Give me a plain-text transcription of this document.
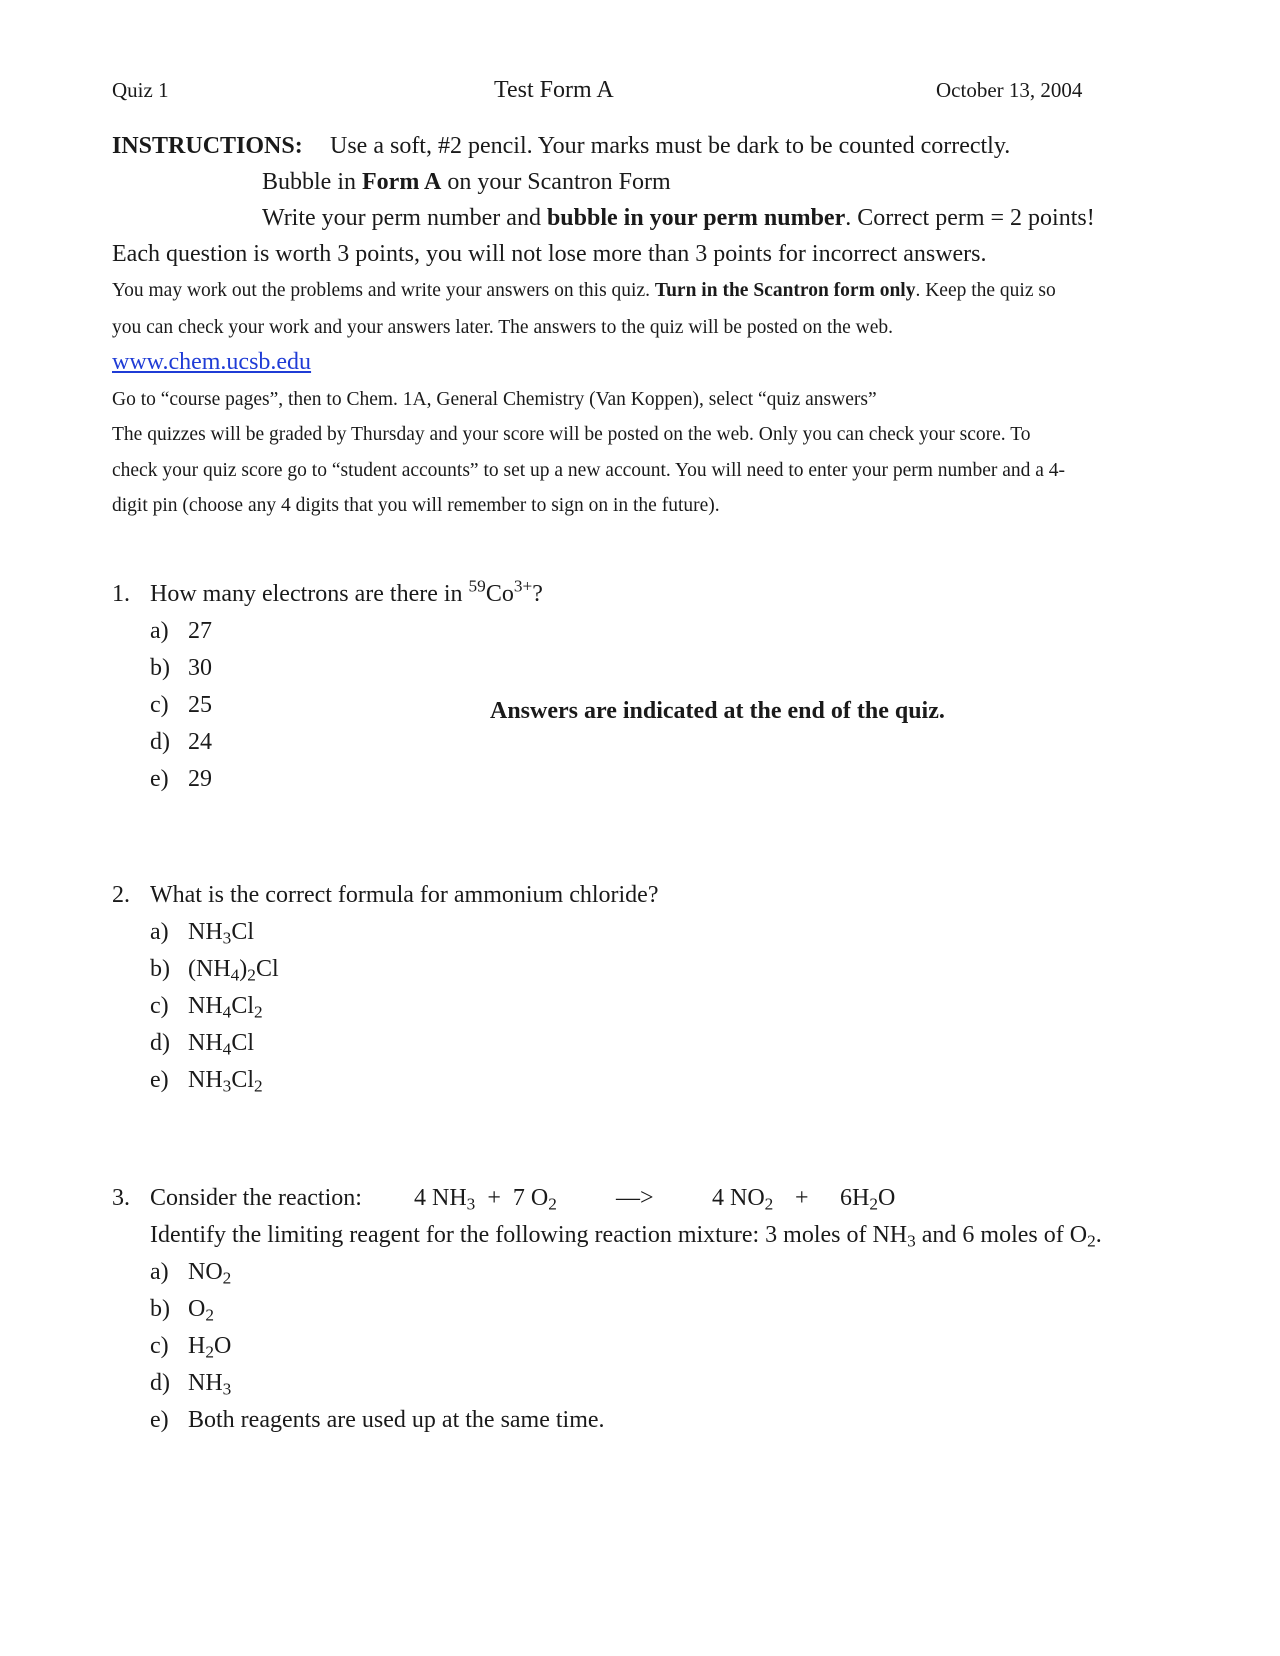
Quiz 1	Test Form A	October 13, 2004
INSTRUCTIONS: Use a soft, #2 pencil. Your marks must be dark to be counted correctly.
Bubble in Form A on your Scantron Form
Write your perm number and bubble in your perm number. Correct perm = 2 points!
Each question is worth 3 points, you will not lose more than 3 points for incorrect answers.
You may work out the problems and write your answers on this quiz. Turn in the Scantron form only. Keep the quiz so
you can check your work and your answers later. The answers to the quiz will be posted on the web.
www.chem.ucsb.edu
Go to “course pages”, then to Chem. 1A, General Chemistry (Van Koppen), select “quiz answers”
The quizzes will be graded by Thursday and your score will be posted on the web. Only you can check your score. To
check your quiz score go to “student accounts” to set up a new account. You will need to enter your perm number and a 4-
digit pin (choose any 4 digits that you will remember to sign on in the future).
1. How many electrons are there in $^{59}Co^{3+}$?
a) 27
b) 30
c) 25
d) 24
e) 29
Answers are indicated at the end of the quiz.
2. What is the correct formula for ammonium chloride?
a) $NH_3Cl$
b) $(NH_4)_2Cl$
c) $NH_4Cl_2$
d) $NH_4Cl$
e) $NH_3Cl_2$
3. Consider the reaction: 4 $NH_3 + 7$ $O_2$ —> 4 $NO_2 + 6H_2O$
Identify the limiting reagent for the following reaction mixture: 3 moles of $NH_3$ and 6 moles of $O_2$.
a) $NO_2$
b) $O_2$
c) $H_2O$
d) $NH_3$
e) Both reagents are used up at the same time.
